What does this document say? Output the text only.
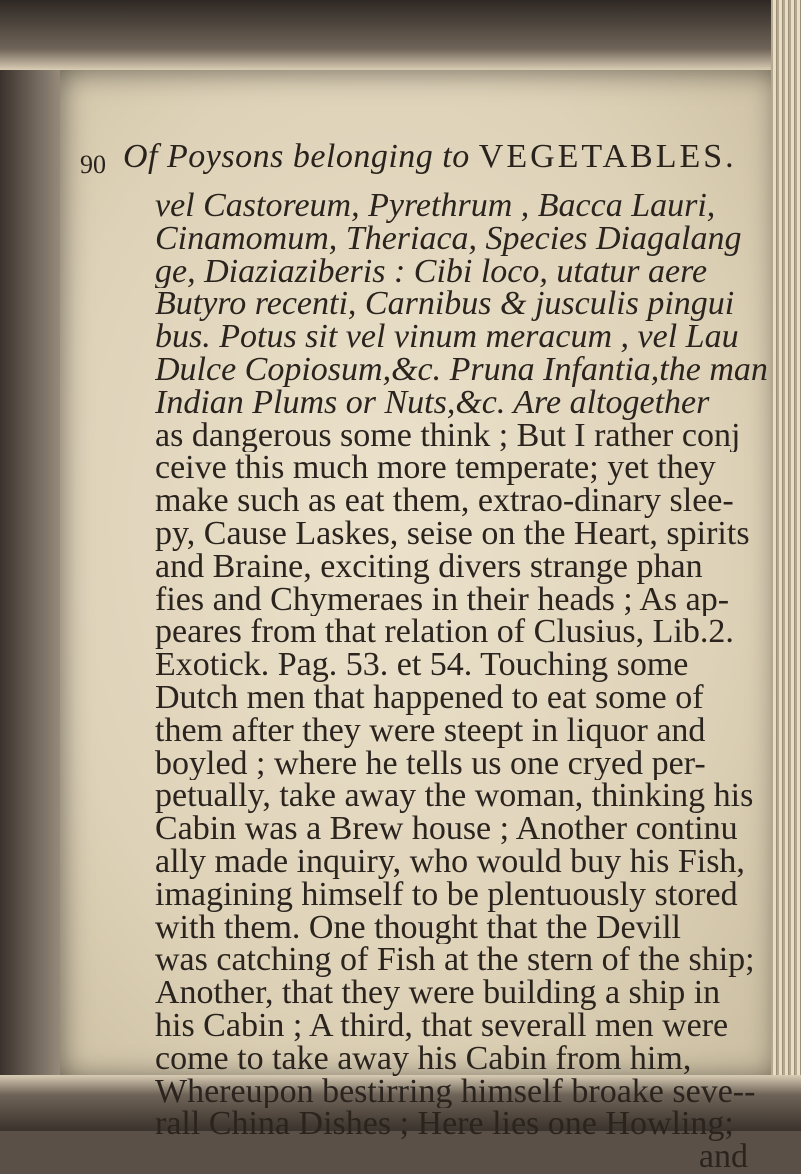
90 Of Poysons belonging to VEGETABLES.
vel Castoreum, Pyrethrum , Bacca Lauri,
Cinamomum, Theriaca, Species Diagalang
ge, Diaziaziberis : Cibi loco, utatur aere
Butyro recenti, Carnibus & jusculis pingui
bus. Potus sit vel vinum meracum , vel Lau
Dulce Copiosum,&c. Pruna Infantia,the man
Indian Plums or Nuts,&c. Are altogether
as dangerous some think ; But I rather conj
ceive this much more temperate; yet they
make such as eat them, extrao-dinary slee-
py, Cause Laskes, seise on the Heart, spirits
and Braine, exciting divers strange phan
fies and Chymeraes in their heads ; As ap-
peares from that relation of Clusius, Lib.2.
Exotick. Pag. 53. et 54. Touching some
Dutch men that happened to eat some of
them after they were steept in liquor and
boyled ; where he tells us one cryed per-
petually, take away the woman, thinking his
Cabin was a Brew house ; Another continu
ally made inquiry, who would buy his Fish,
imagining himself to be plentuously stored
with them. One thought that the Devill
was catching of Fish at the stern of the ship;
Another, that they were building a ship in
his Cabin ; A third, that severall men were
come to take away his Cabin from him,
Whereupon bestirring himself broake seve--
rall China Dishes ; Here lies one Howling;
and
